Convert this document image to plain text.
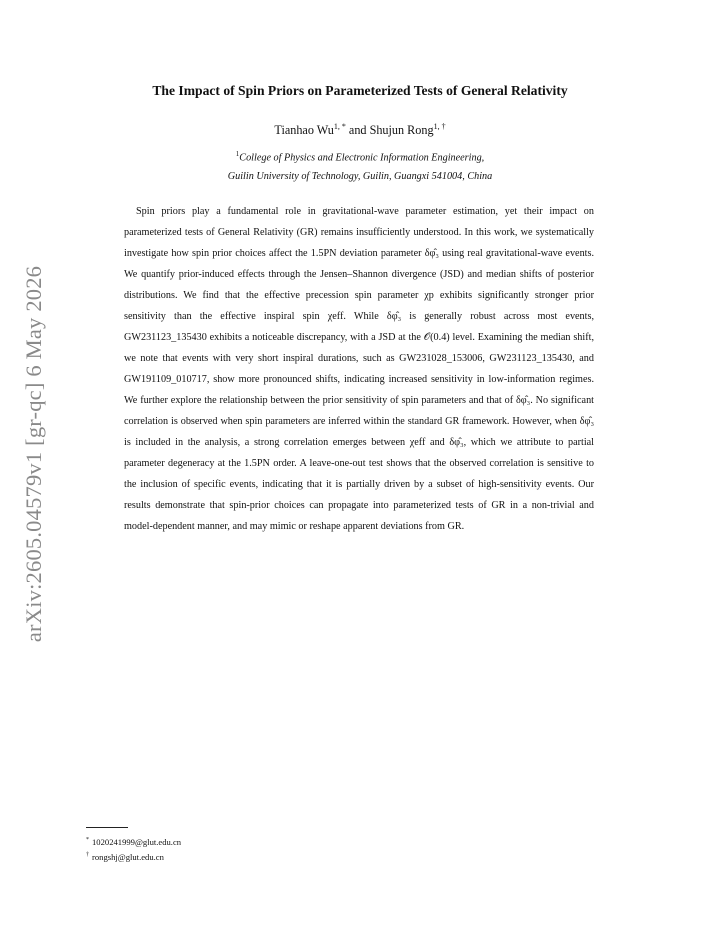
arXiv:2605.04579v1 [gr-qc] 6 May 2026
The Impact of Spin Priors on Parameterized Tests of General Relativity
Tianhao $Wu^{1, *}$ and Shujun Rong$^{1, \dagger}$
$^1$College of Physics and Electronic Information Engineering,
Guilin University of Technology, Guilin, Guangxi 541004, China

Spin priors play a fundamental role in gravitational-wave parameter estimation, yet their impact on parameterized tests of General Relativity (GR) remains insufficiently understood. In this work, we systematically investigate how spin prior choices affect the 1.5PN deviation parameter δφ̂₃ using real gravitational-wave events. We quantify prior-induced effects through the Jensen–Shannon divergence (JSD) and median shifts of posterior distributions. We find that the effective precession spin parameter χp exhibits significantly stronger prior sensitivity than the effective inspiral spin χeff. While δφ̂₃ is generally robust across most events, GW231123_135430 exhibits a noticeable discrepancy, with a JSD at the 𝒪(0.4) level. Examining the median shift, we note that events with very short inspiral durations, such as GW231028_153006, GW231123_135430, and GW191109_010717, show more pronounced shifts, indicating increased sensitivity in low-information regimes. We further explore the relationship between the prior sensitivity of spin parameters and that of δφ̂₃. No significant correlation is observed when spin parameters are inferred within the standard GR framework. However, when δφ̂₃ is included in the analysis, a strong correlation emerges between χeff and δφ̂₃, which we attribute to partial parameter degeneracy at the 1.5PN order. A leave-one-out test shows that the observed correlation is sensitive to the inclusion of specific events, indicating that it is partially driven by a subset of high-sensitivity events. Our results demonstrate that spin-prior choices can propagate into parameterized tests of GR in a non-trivial and model-dependent manner, and may mimic or reshape apparent deviations from GR.

* 1020241999@glut.edu.cn
† rongshj@glut.edu.cn
